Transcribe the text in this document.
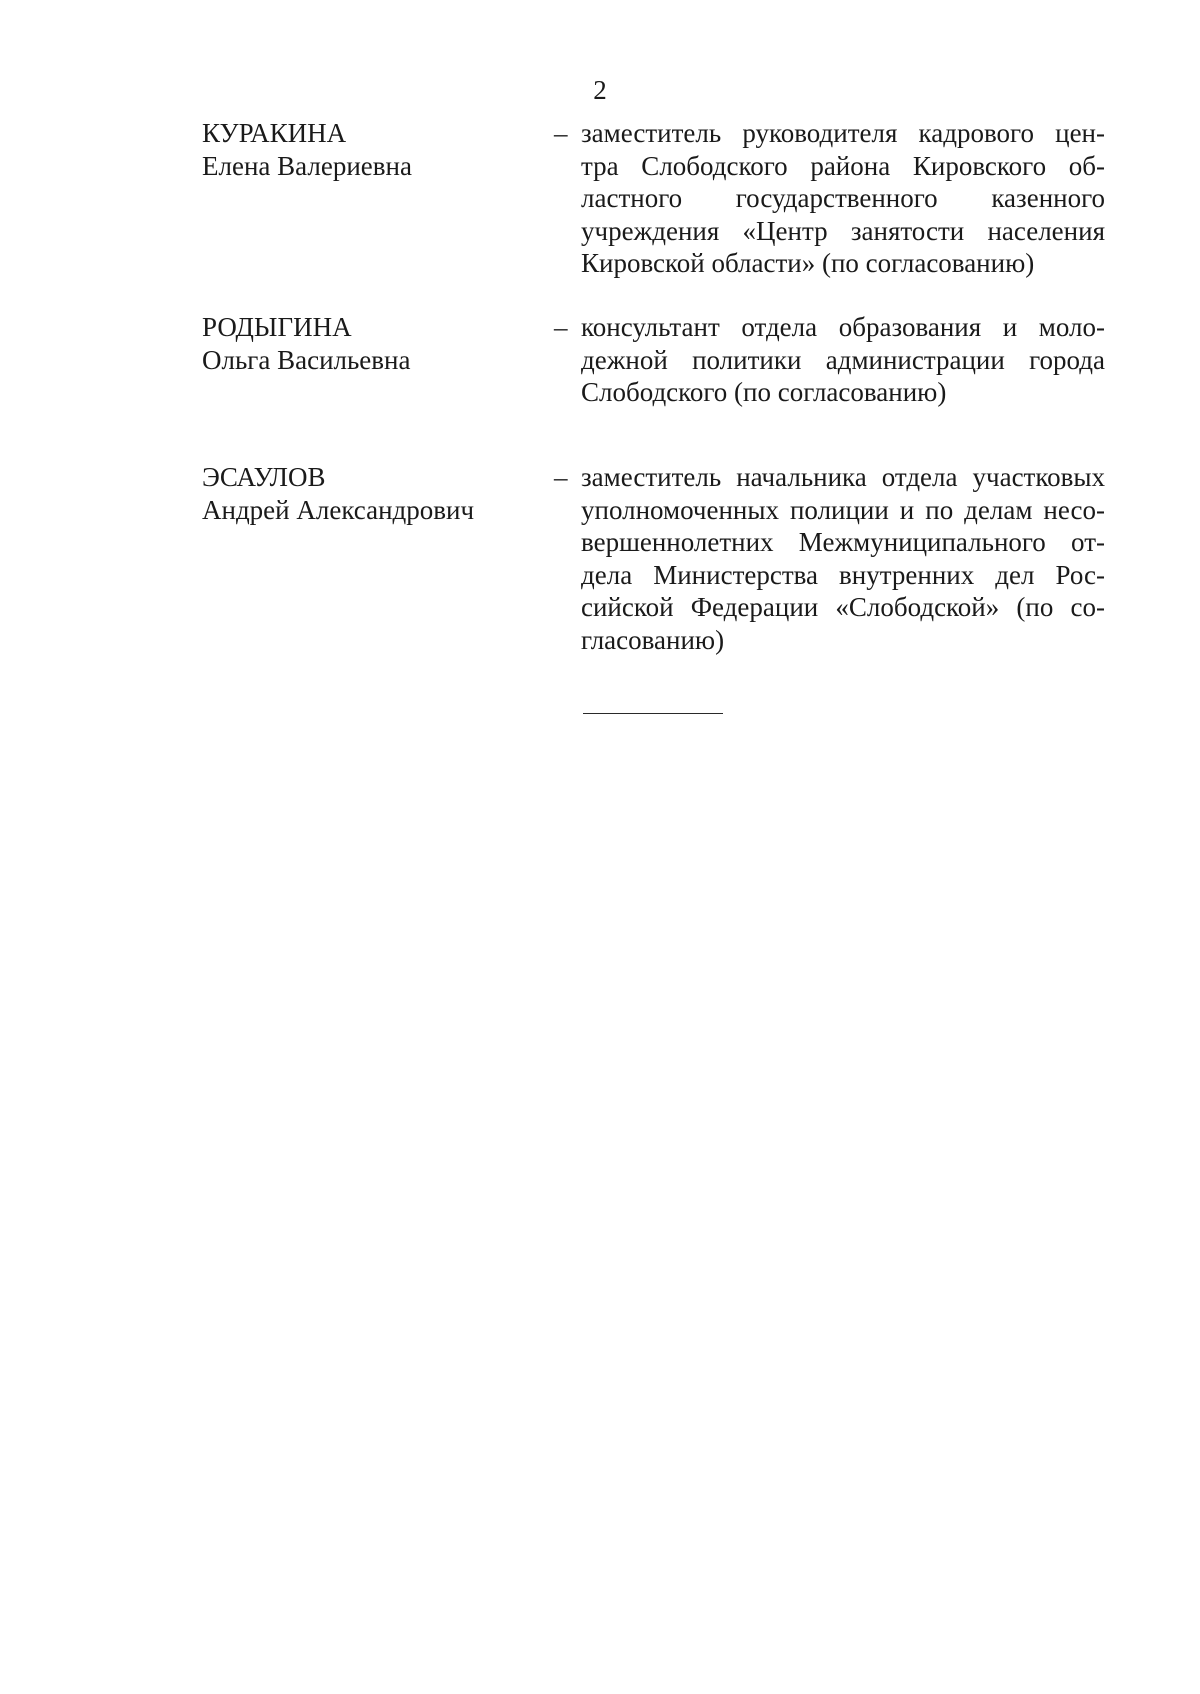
2
КУРАКИНА
Елена Валериевна
– заместитель руководителя кадрового цен-
тра Слободского района Кировского об-
ластного государственного казенного
учреждения «Центр занятости населения
Кировской области» (по согласованию)
РОДЫГИНА
Ольга Васильевна
– консультант отдела образования и моло-
дежной политики администрации города
Слободского (по согласованию)
ЭСАУЛОВ
Андрей Александрович
– заместитель начальника отдела участковых
уполномоченных полиции и по делам несо-
вершеннолетних Межмуниципального от-
дела Министерства внутренних дел Рос-
сийской Федерации «Слободской» (по со-
гласованию)
